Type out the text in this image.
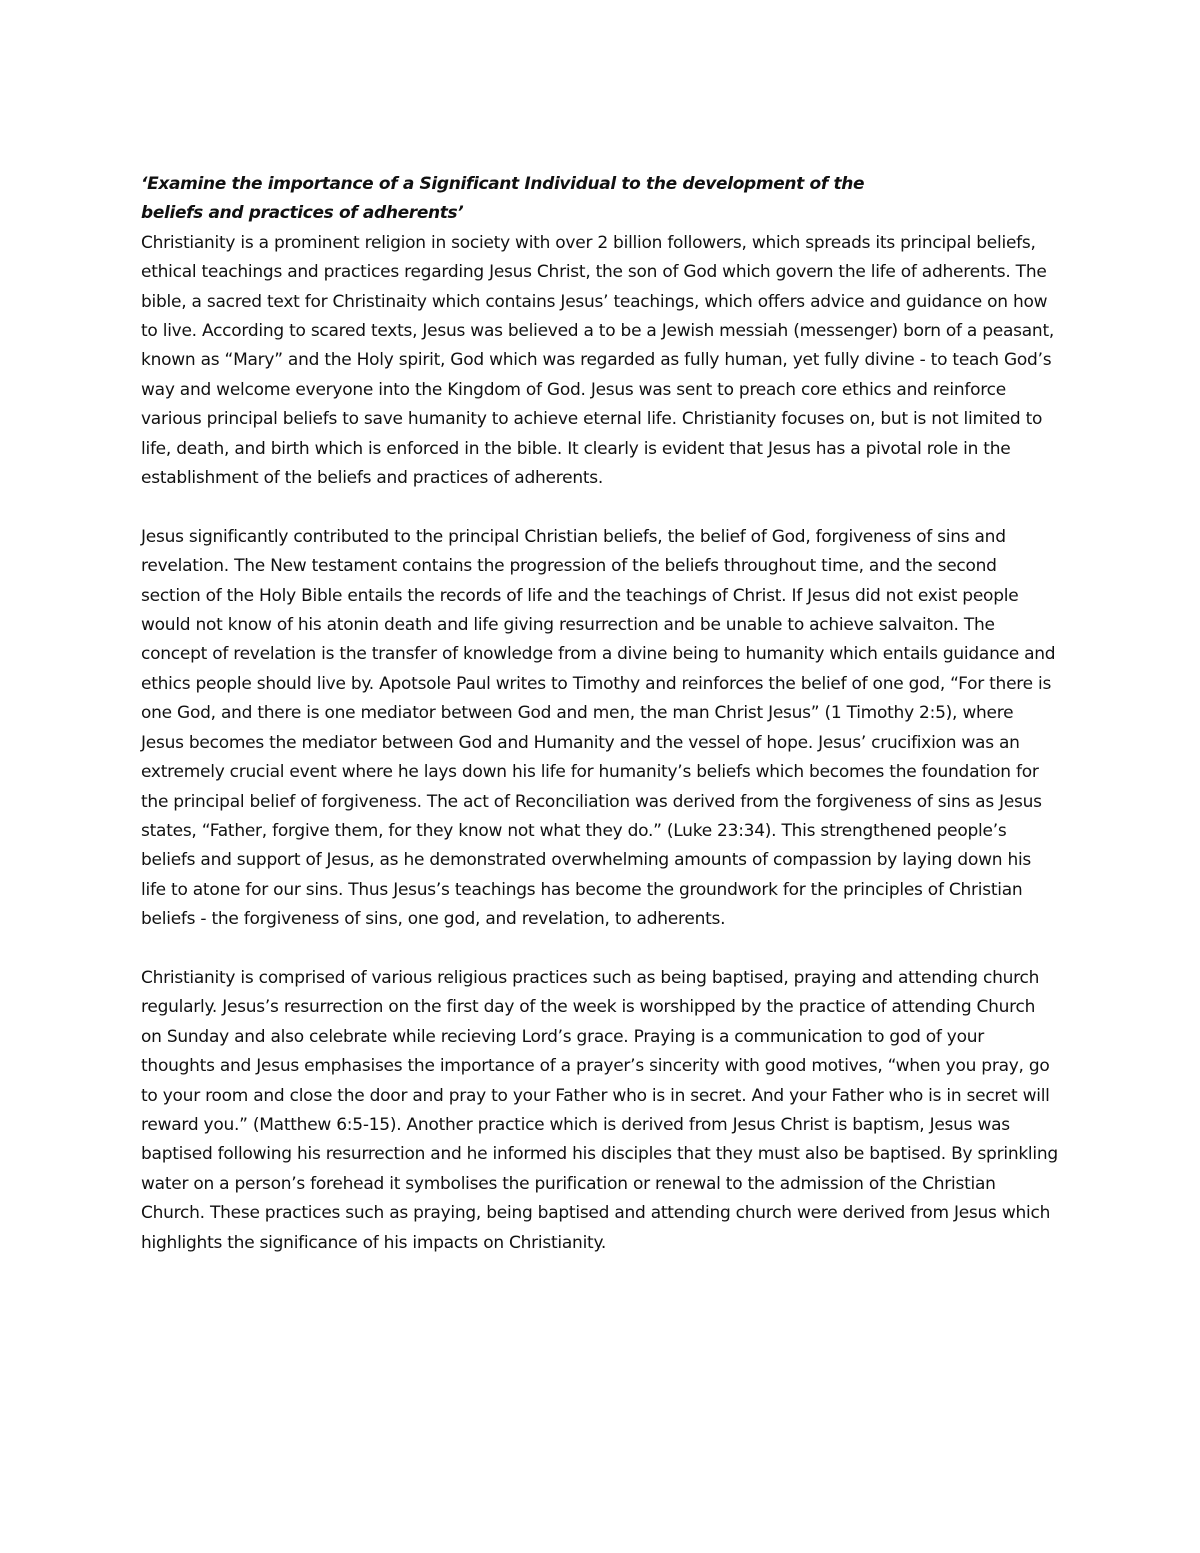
‘Examine the importance of a Significant Individual to the development of the
beliefs and practices of adherents’

Christianity is a prominent religion in society with over 2 billion followers, which spreads its principal beliefs, ethical teachings and practices regarding Jesus Christ, the son of God which govern the life of adherents. The bible, a sacred text for Christinaity which contains Jesus’ teachings, which offers advice and guidance on how to live. According to scared texts, Jesus was believed a to be a Jewish messiah (messenger) born of a peasant, known as “Mary” and the Holy spirit, God which was regarded as fully human, yet fully divine - to teach God’s way and welcome everyone into the Kingdom of God. Jesus was sent to preach core ethics and reinforce various principal beliefs to save humanity to achieve eternal life. Christianity focuses on, but is not limited to life, death, and birth which is enforced in the bible. It clearly is evident that Jesus has a pivotal role in the establishment of the beliefs and practices of adherents.

Jesus significantly contributed to the principal Christian beliefs, the belief of God, forgiveness of sins and revelation. The New testament contains the progression of the beliefs throughout time, and the second section of the Holy Bible entails the records of life and the teachings of Christ. If Jesus did not exist people would not know of his atonin death and life giving resurrection and be unable to achieve salvaiton. The concept of revelation is the transfer of knowledge from a divine being to humanity which entails guidance and ethics people should live by. Apotsole Paul writes to Timothy and reinforces the belief of one god, “For there is one God, and there is one mediator between God and men, the man Christ Jesus” (1 Timothy 2:5), where Jesus becomes the mediator between God and Humanity and the vessel of hope. Jesus’ crucifixion was an extremely crucial event where he lays down his life for humanity’s beliefs which becomes the foundation for the principal belief of forgiveness. The act of Reconciliation was derived from the forgiveness of sins as Jesus states, “Father, forgive them, for they know not what they do.” (Luke 23:34). This strengthened people’s beliefs and support of Jesus, as he demonstrated overwhelming amounts of compassion by laying down his life to atone for our sins. Thus Jesus’s teachings has become the groundwork for the principles of Christian beliefs - the forgiveness of sins, one god, and revelation, to adherents.

Christianity is comprised of various religious practices such as being baptised, praying and attending church regularly. Jesus’s resurrection on the first day of the week is worshipped by the practice of attending Church on Sunday and also celebrate while recieving Lord’s grace. Praying is a communication to god of your thoughts and Jesus emphasises the importance of a prayer’s sincerity with good motives, “when you pray, go to your room and close the door and pray to your Father who is in secret. And your Father who is in secret will reward you.” (Matthew 6:5-15). Another practice which is derived from Jesus Christ is baptism, Jesus was baptised following his resurrection and he informed his disciples that they must also be baptised. By sprinkling water on a person’s forehead it symbolises the purification or renewal to the admission of the Christian Church. These practices such as praying, being baptised and attending church were derived from Jesus which highlights the significance of his impacts on Christianity.
